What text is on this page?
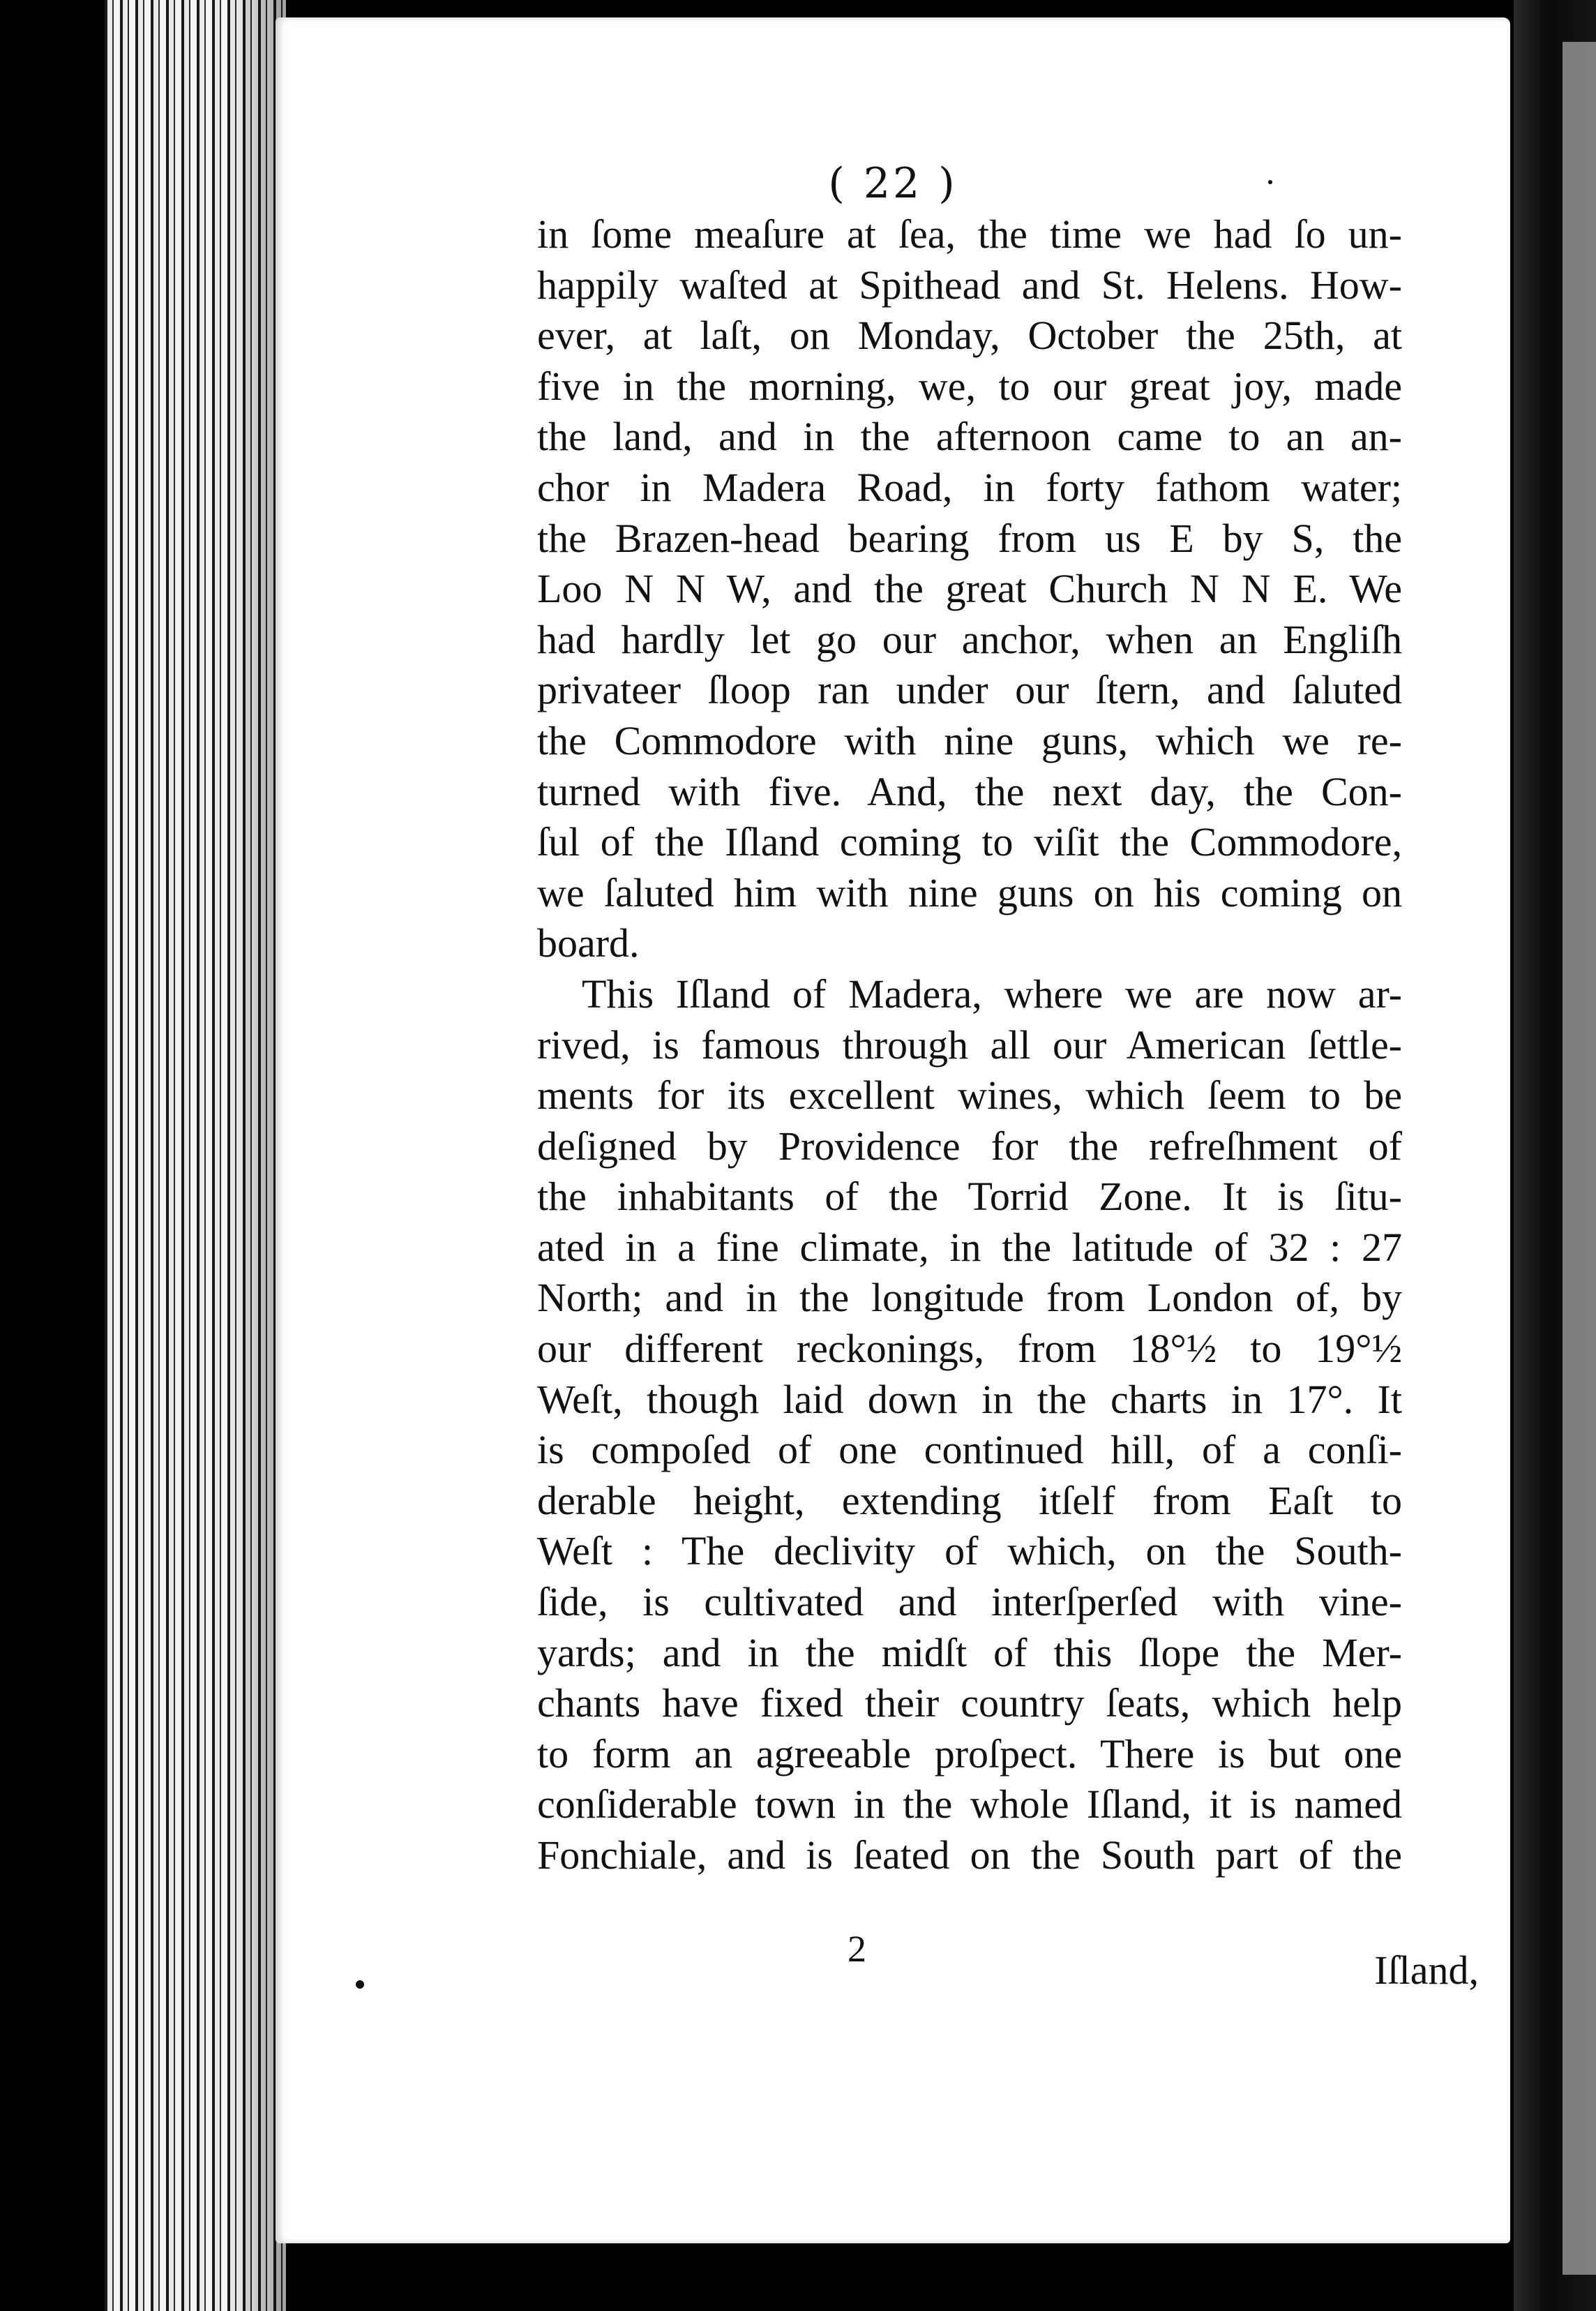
( 22 )
in ſome meaſure at ſea, the time we had ſo un-
happily waſted at Spithead and St. Helens. How-
ever, at laſt, on Monday, October the 25th, at
five in the morning, we, to our great joy, made
the land, and in the afternoon came to an an-
chor in Madera Road, in forty fathom water;
the Brazen-head bearing from us E by S, the
Loo N N W, and the great Church N N E. We
had hardly let go our anchor, when an Engliſh
privateer ſloop ran under our ſtern, and ſaluted
the Commodore with nine guns, which we re-
turned with five. And, the next day, the Con-
ſul of the Iſland coming to viſit the Commodore,
we ſaluted him with nine guns on his coming on
board.
This Iſland of Madera, where we are now ar-
rived, is famous through all our American ſettle-
ments for its excellent wines, which ſeem to be
deſigned by Providence for the refreſhment of
the inhabitants of the Torrid Zone. It is ſitu-
ated in a fine climate, in the latitude of 32 : 27
North; and in the longitude from London of, by
our different reckonings, from 18°½ to 19°½
Weſt, though laid down in the charts in 17°. It
is compoſed of one continued hill, of a conſi-
derable height, extending itſelf from Eaſt to
Weſt : The declivity of which, on the South-
ſide, is cultivated and interſperſed with vine-
yards; and in the midſt of this ſlope the Mer-
chants have fixed their country ſeats, which help
to form an agreeable proſpect. There is but one
conſiderable town in the whole Iſland, it is named
Fonchiale, and is ſeated on the South part of the
2	Iſland,
